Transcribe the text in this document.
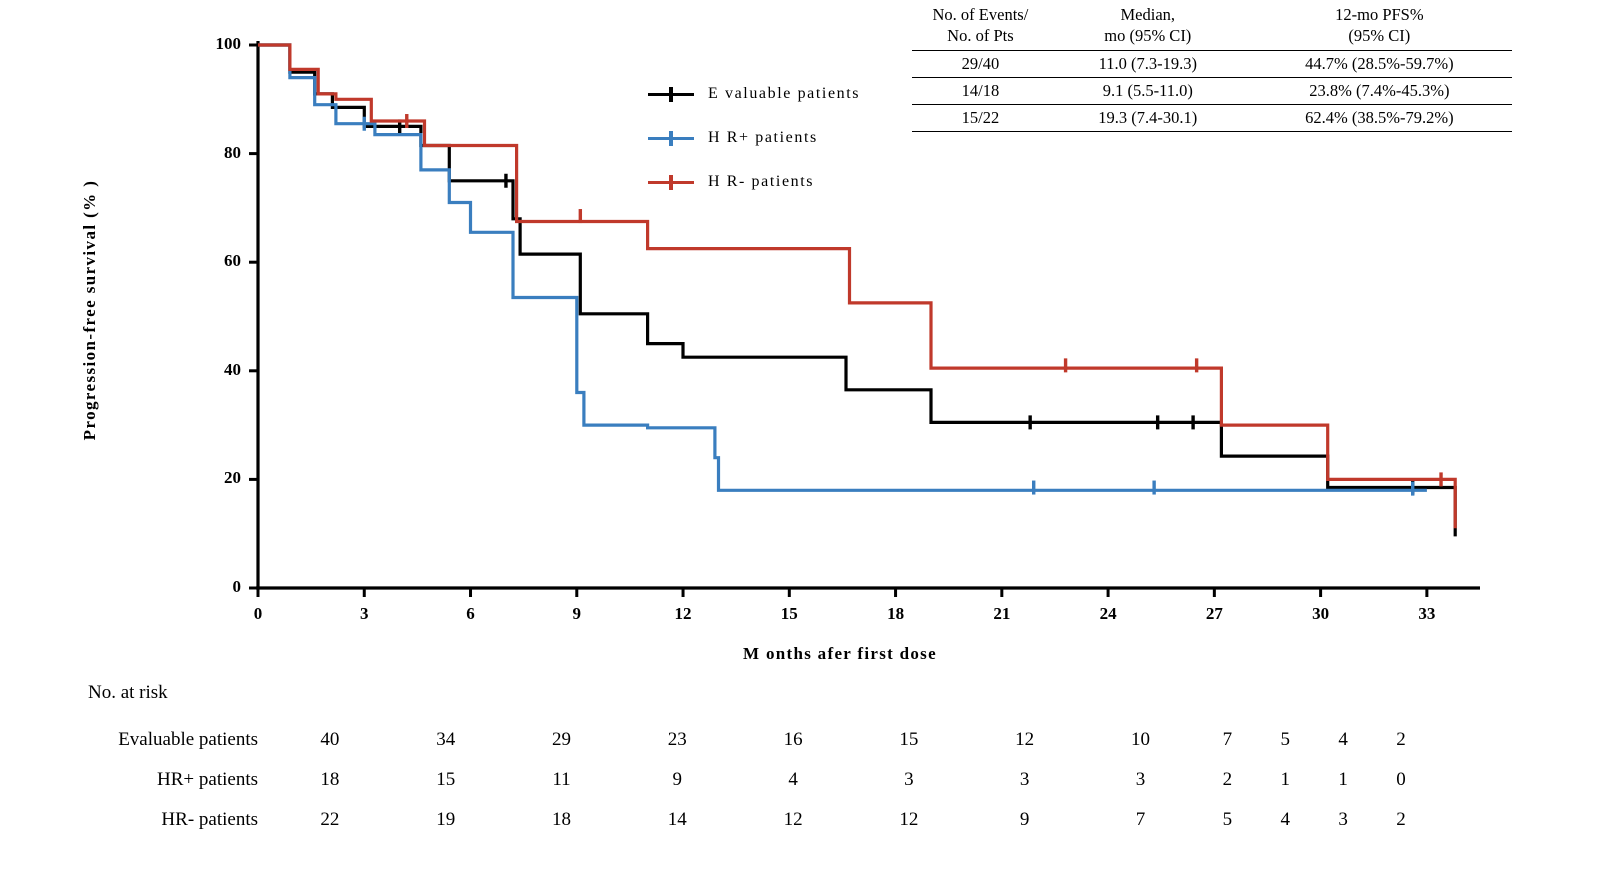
Progression-free survival (% )
M onths afer first dose
100
80
60
40
20
0
0	3	6	9	12	15	18	21	24	27	30	33
E valuable patients
H R+ patients
H R- patients
No. of Events/	Median,	12-mo PFS%
No. of Pts	mo (95% CI)	(95% CI)
29/40	11.0 (7.3-19.3)	44.7% (28.5%-59.7%)
14/18	9.1 (5.5-11.0)	23.8% (7.4%-45.3%)
15/22	19.3 (7.4-30.1)	62.4% (38.5%-79.2%)
No. at risk
Evaluable patients	40	34	29	23	16	15	12	10	7	5	4	2
HR+ patients	18	15	11	9	4	3	3	3	2	1	1	0
HR- patients	22	19	18	14	12	12	9	7	5	4	3	2
